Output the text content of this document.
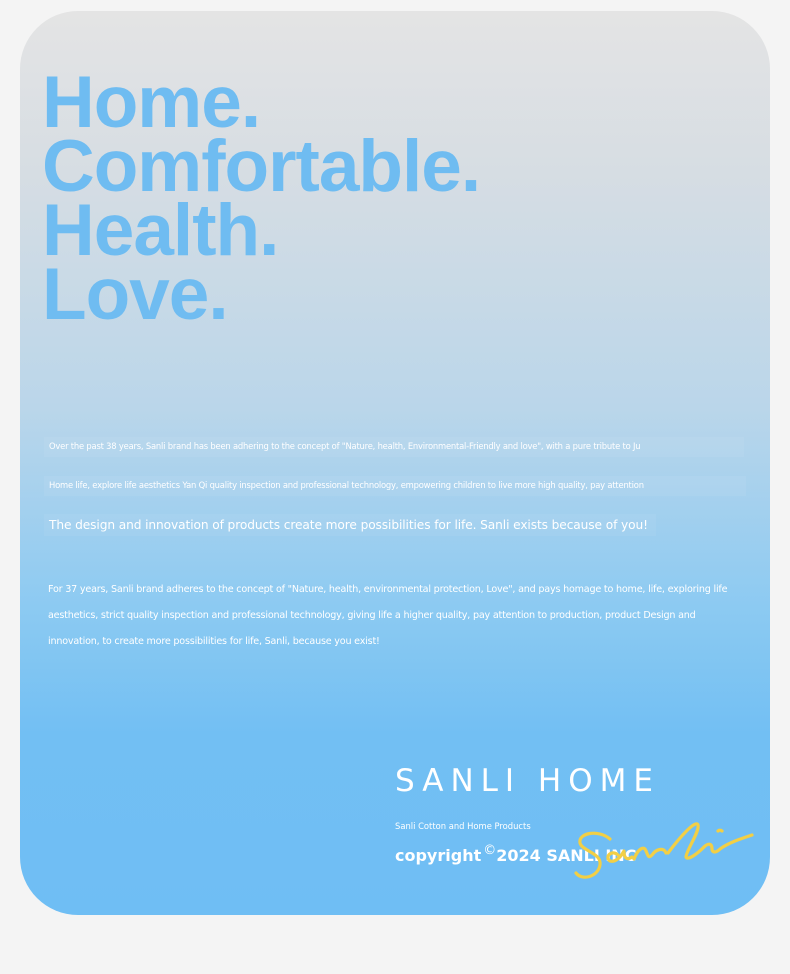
Home.
Comfortable.
Health.
Love.
Over the past 38 years, Sanli brand has been adhering to the concept of "Nature, health, Environmental-Friendly and love", with a pure tribute to Ju
Home life, explore life aesthetics Yan Qi quality inspection and professional technology, empowering children to live more high quality, pay attention
The design and innovation of products create more possibilities for life. Sanli exists because of you!

For 37 years, Sanli brand adheres to the concept of "Nature, health, environmental protection, Love", and pays homage to home, life, exploring life aesthetics, strict quality inspection and professional technology, giving life a higher quality, pay attention to production, product Design and innovation, to create more possibilities for life, Sanli, because you exist!

SANLI HOME
Sanli Cotton and Home Products
copyright ©2024 SANLI INC
